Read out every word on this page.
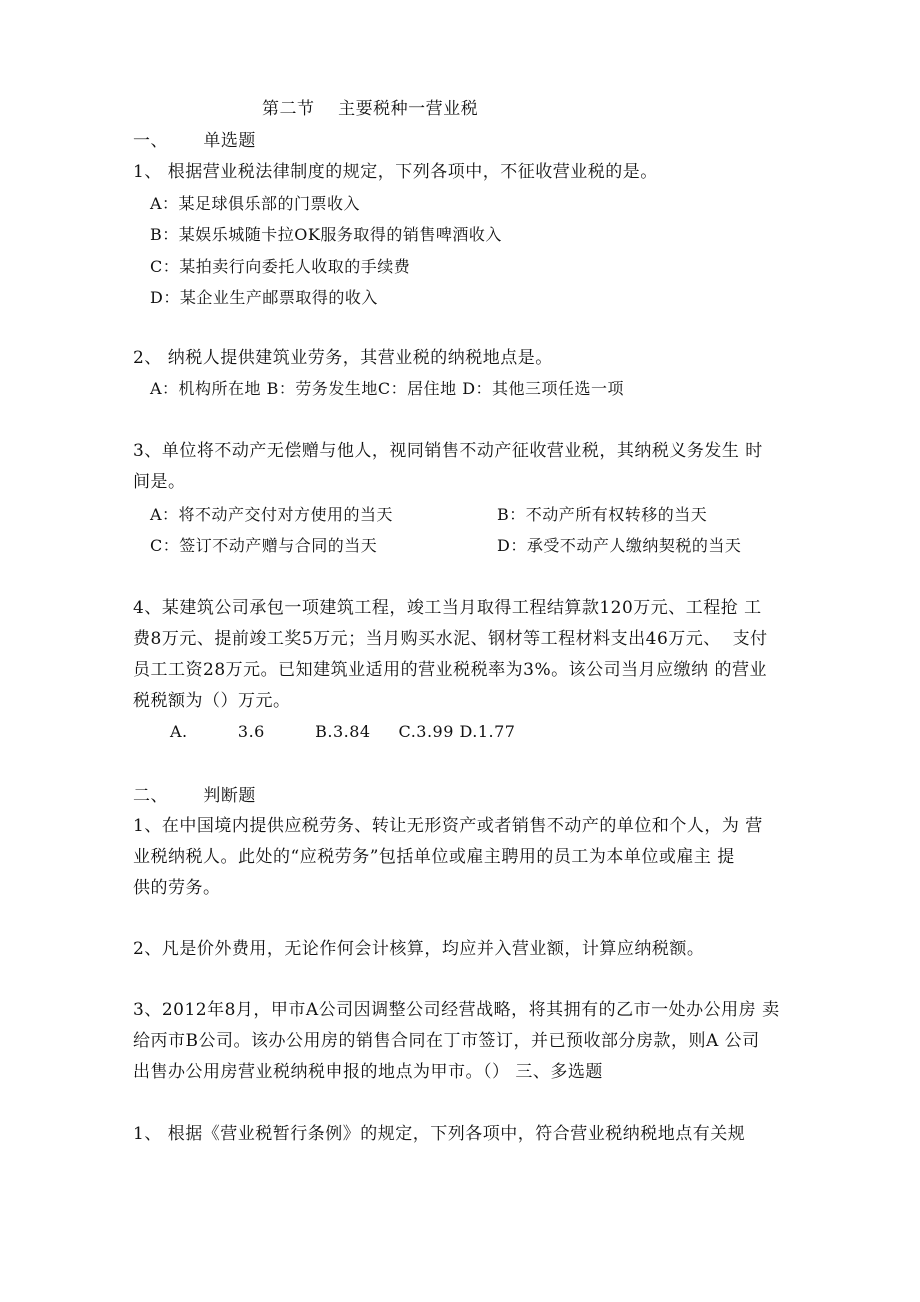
第二节    主要税种一营业税
一、      单选题
1、 根据营业税法律制度的规定，下列各项中，不征收营业税的是。
A：某足球俱乐部的门票收入
B：某娱乐城随卡拉OK服务取得的销售啤酒收入
C：某拍卖行向委托人收取的手续费
D：某企业生产邮票取得的收入
2、 纳税人提供建筑业劳务，其营业税的纳税地点是。
A：机构所在地 B：劳务发生地C：居住地 D：其他三项任选一项
3、单位将不动产无偿赠与他人，视同销售不动产征收营业税，其纳税义务发生 时
间是。
A：将不动产交付对方使用的当天	B：不动产所有权转移的当天
C：签订不动产赠与合同的当天	D：承受不动产人缴纳契税的当天
4、某建筑公司承包一项建筑工程，竣工当月取得工程结算款120万元、工程抢 工
费8万元、提前竣工奖5万元；当月购买水泥、钢材等工程材料支出46万元、  支付
员工工资28万元。已知建筑业适用的营业税税率为3%。该公司当月应缴纳 的营业
税税额为（）万元。
A.         3.6         B.3.84     C.3.99 D.1.77
二、      判断题
1、在中国境内提供应税劳务、转让无形资产或者销售不动产的单位和个人，为 营
业税纳税人。此处的“应税劳务”包括单位或雇主聘用的员工为本单位或雇主 提
供的劳务。
2、凡是价外费用，无论作何会计核算，均应并入营业额，计算应纳税额。
3、2012年8月，甲市A公司因调整公司经营战略，将其拥有的乙市一处办公用房 卖
给丙市B公司。该办公用房的销售合同在丁市签订，并已预收部分房款，则A 公司
出售办公用房营业税纳税申报的地点为甲市。（） 三、多选题
1、 根据《营业税暂行条例》的规定，下列各项中，符合营业税纳税地点有关规
